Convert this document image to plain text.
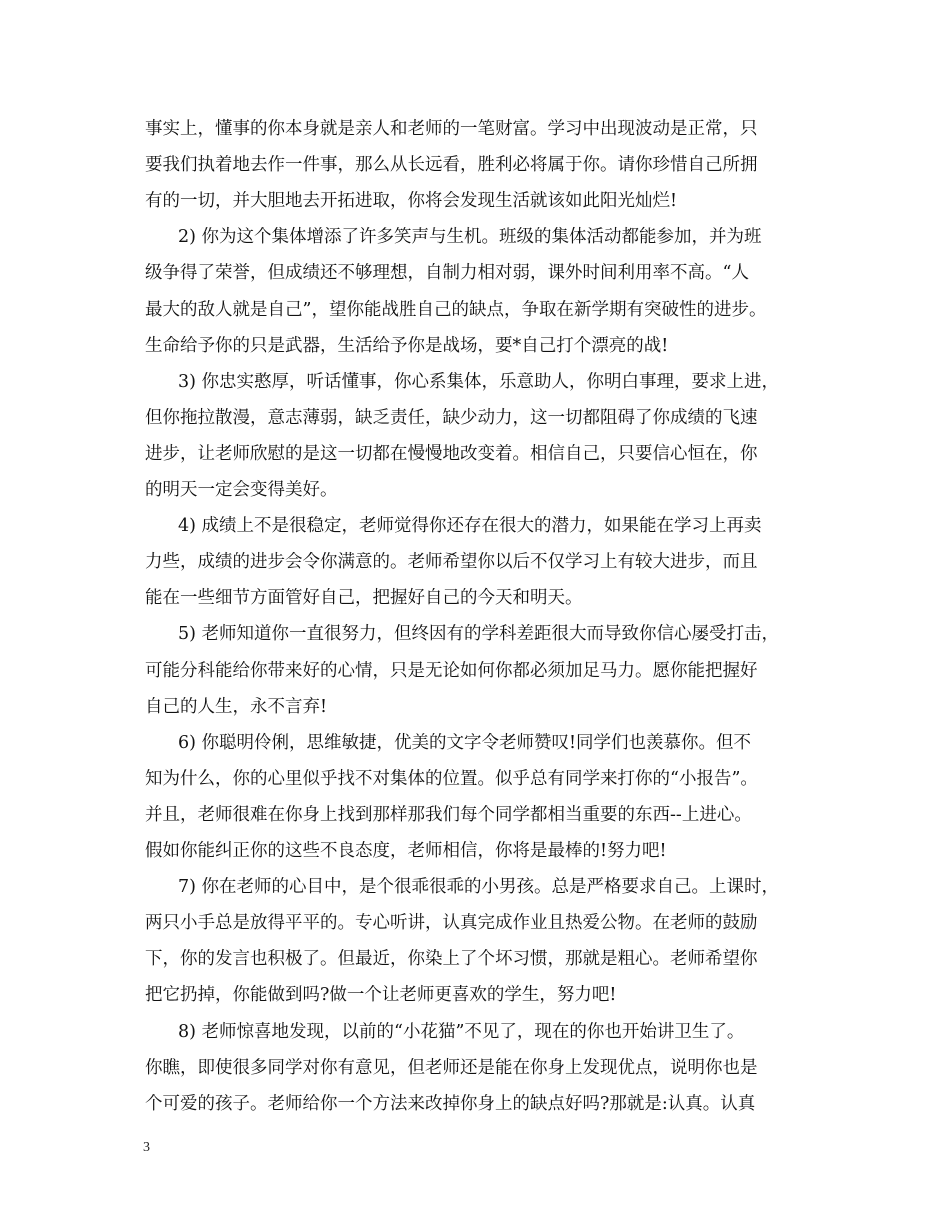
事实上，懂事的你本身就是亲人和老师的一笔财富。学习中出现波动是正常，只
要我们执着地去作一件事，那么从长远看，胜利必将属于你。请你珍惜自己所拥
有的一切，并大胆地去开拓进取，你将会发现生活就该如此阳光灿烂!
2) 你为这个集体增添了许多笑声与生机。班级的集体活动都能参加，并为班
级争得了荣誉，但成绩还不够理想，自制力相对弱，课外时间利用率不高。“人
最大的敌人就是自己”，望你能战胜自己的缺点，争取在新学期有突破性的进步。
生命给予你的只是武器，生活给予你是战场，要*自己打个漂亮的战!
3) 你忠实憨厚，听话懂事，你心系集体，乐意助人，你明白事理，要求上进，
但你拖拉散漫，意志薄弱，缺乏责任，缺少动力，这一切都阻碍了你成绩的飞速
进步，让老师欣慰的是这一切都在慢慢地改变着。相信自己，只要信心恒在，你
的明天一定会变得美好。
4) 成绩上不是很稳定，老师觉得你还存在很大的潜力，如果能在学习上再卖
力些，成绩的进步会令你满意的。老师希望你以后不仅学习上有较大进步，而且
能在一些细节方面管好自己，把握好自己的今天和明天。
5) 老师知道你一直很努力，但终因有的学科差距很大而导致你信心屡受打击，
可能分科能给你带来好的心情，只是无论如何你都必须加足马力。愿你能把握好
自己的人生，永不言弃!
6) 你聪明伶俐，思维敏捷，优美的文字令老师赞叹!同学们也羡慕你。但不
知为什么，你的心里似乎找不对集体的位置。似乎总有同学来打你的“小报告”。
并且，老师很难在你身上找到那样那我们每个同学都相当重要的东西--上进心。
假如你能纠正你的这些不良态度，老师相信，你将是最棒的!努力吧!
7) 你在老师的心目中，是个很乖很乖的小男孩。总是严格要求自己。上课时，
两只小手总是放得平平的。专心听讲，认真完成作业且热爱公物。在老师的鼓励
下，你的发言也积极了。但最近，你染上了个坏习惯，那就是粗心。老师希望你
把它扔掉，你能做到吗?做一个让老师更喜欢的学生，努力吧!
8) 老师惊喜地发现，以前的“小花猫”不见了，现在的你也开始讲卫生了。
你瞧，即使很多同学对你有意见，但老师还是能在你身上发现优点，说明你也是
个可爱的孩子。老师给你一个方法来改掉你身上的缺点好吗?那就是:认真。认真
3
